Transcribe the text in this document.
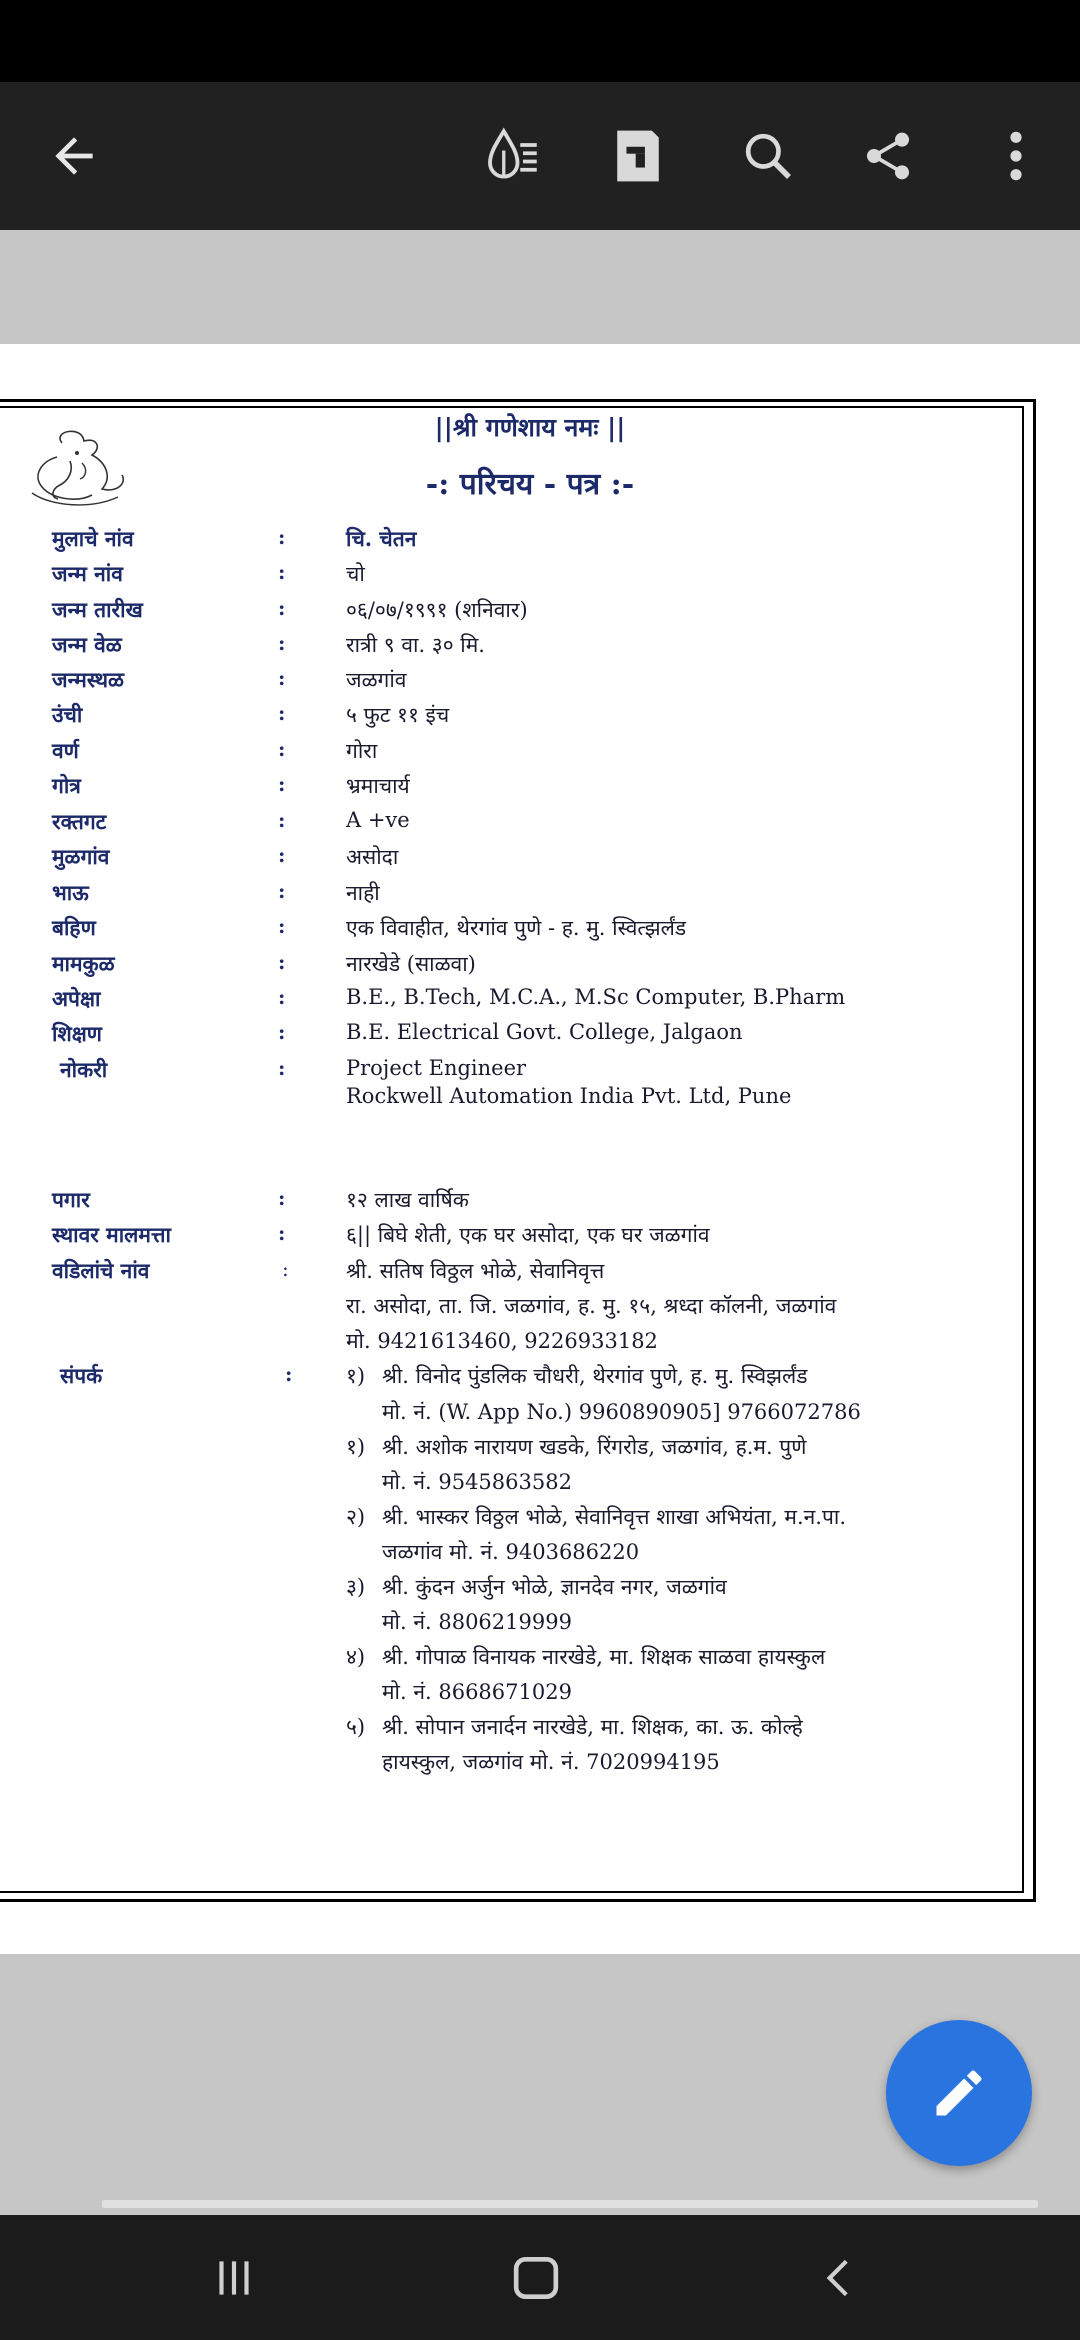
||श्री गणेशाय नमः ||
-: परिचय - पत्र :-
मुलाचे नांव	:	चि. चेतन
जन्म नांव	:	चो
जन्म तारीख	:	०६/०७/१९९१ (शनिवार)
जन्म वेळ	:	रात्री ९ वा. ३० मि.
जन्मस्थळ	:	जळगांव
उंची	:	५ फुट ११ इंच
वर्ण	:	गोरा
गोत्र	:	भ्रमाचार्य
रक्तगट	:	A +ve
मुळगांव	:	असोदा
भाऊ	:	नाही
बहिण	:	एक विवाहीत, थेरगांव पुणे - ह. मु. स्वित्झर्लंड
मामकुळ	:	नारखेडे (साळवा)
अपेक्षा	:	B.E., B.Tech, M.C.A., M.Sc Computer, B.Pharm
शिक्षण	:	B.E. Electrical Govt. College, Jalgaon
नोकरी	:	Project Engineer
Rockwell Automation India Pvt. Ltd, Pune
पगार	:	१२ लाख वार्षिक
स्थावर मालमत्ता	:	६|| बिघे शेती, एक घर असोदा, एक घर जळगांव
वडिलांचे नांव	:	श्री. सतिष विठ्ठल भोळे, सेवानिवृत्त
रा. असोदा, ता. जि. जळगांव, ह. मु. १५, श्रध्दा कॉलनी, जळगांव
मो. 9421613460, 9226933182
संपर्क	:	१) श्री. विनोद पुंडलिक चौधरी, थेरगांव पुणे, ह. मु. स्विझर्लंड
मो. नं. (W. App No.) 9960890905] 9766072786
१) श्री. अशोक नारायण खडके, रिंगरोड, जळगांव, ह.म. पुणे
मो. नं. 9545863582
२) श्री. भास्कर विठ्ठल भोळे, सेवानिवृत्त शाखा अभियंता, म.न.पा.
जळगांव मो. नं. 9403686220
३) श्री. कुंदन अर्जुन भोळे, ज्ञानदेव नगर, जळगांव
मो. नं. 8806219999
४) श्री. गोपाळ विनायक नारखेडे, मा. शिक्षक साळवा हायस्कुल
मो. नं. 8668671029
५) श्री. सोपान जनार्दन नारखेडे, मा. शिक्षक, का. ऊ. कोल्हे
हायस्कुल, जळगांव मो. नं. 7020994195
